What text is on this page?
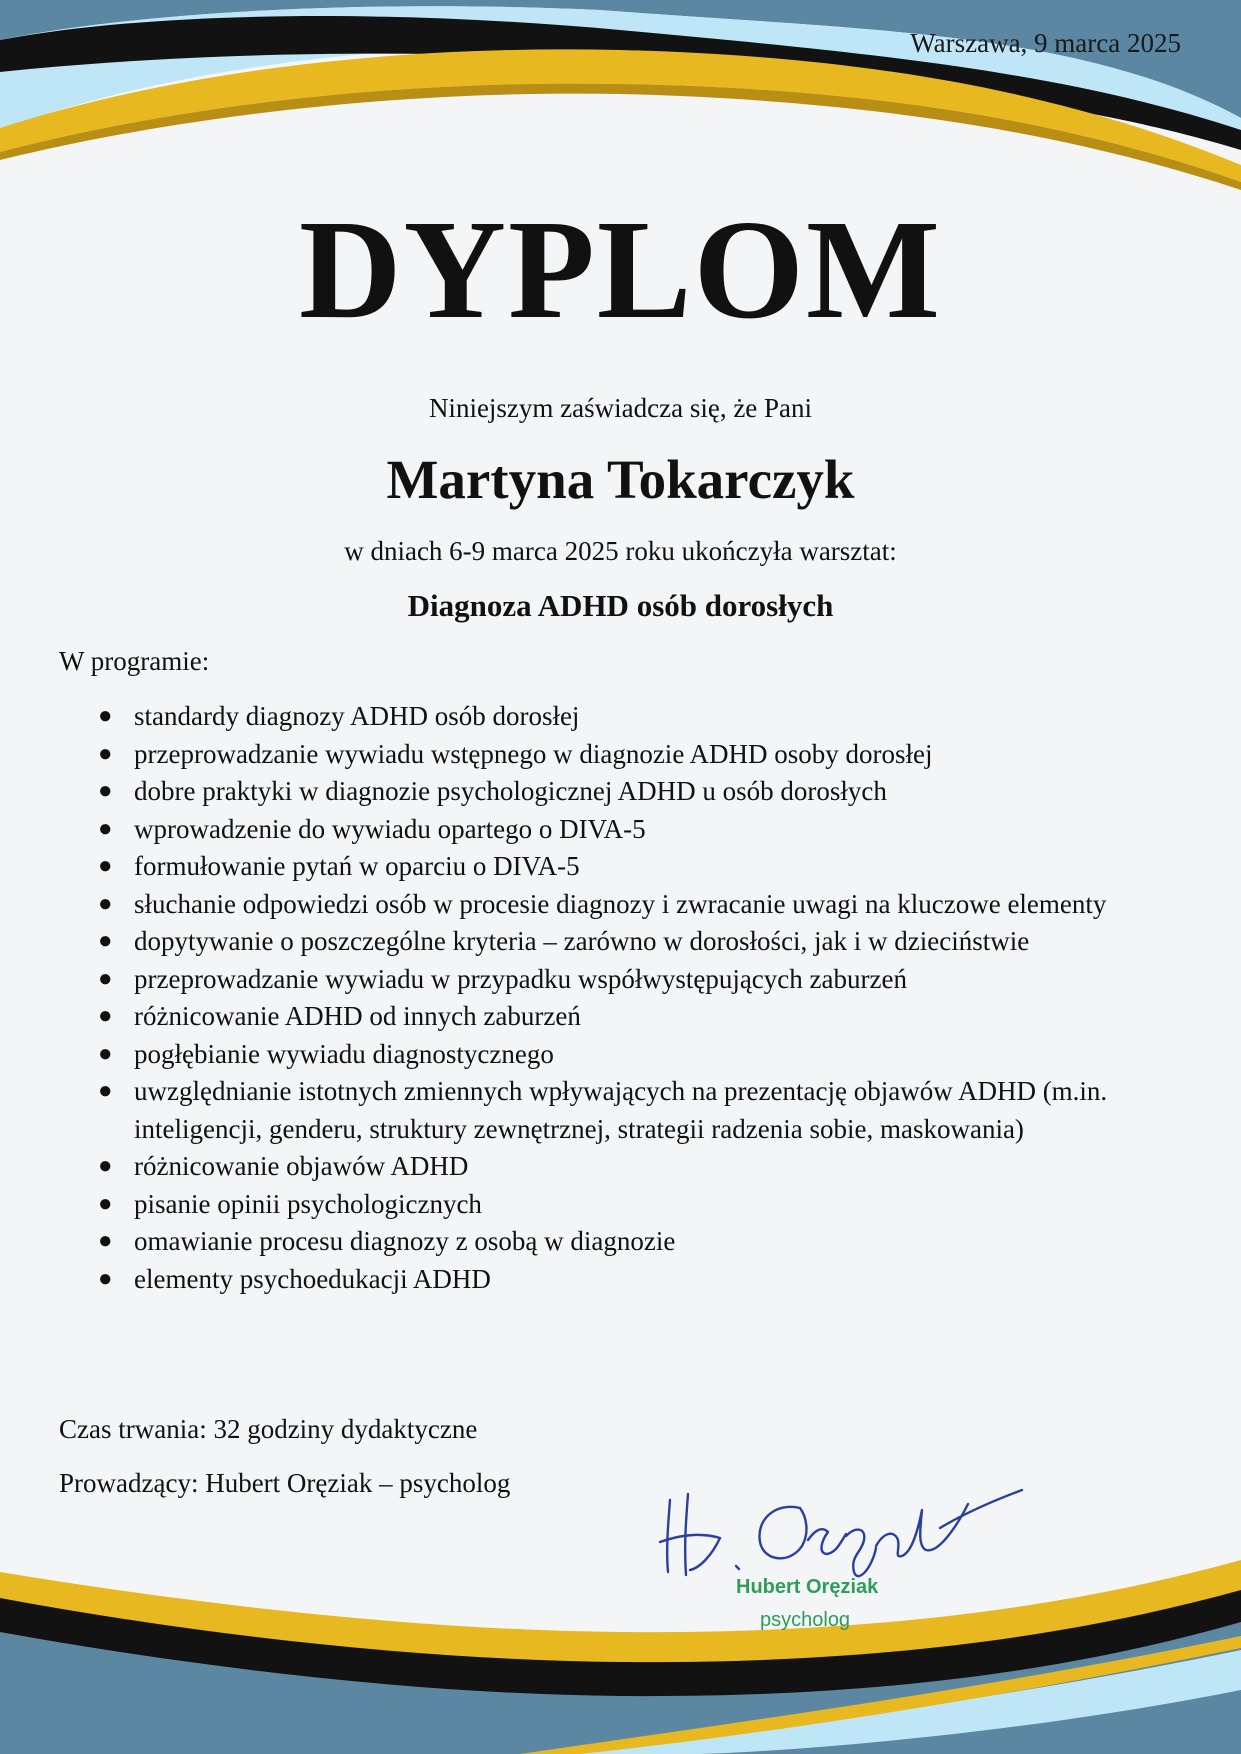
Warszawa, 9 marca 2025
DYPLOM
Niniejszym zaświadcza się, że Pani
Martyna Tokarczyk
w dniach 6-9 marca 2025 roku ukończyła warsztat:
Diagnoza ADHD osób dorosłych
W programie:
● standardy diagnozy ADHD osób dorosłej
● przeprowadzanie wywiadu wstępnego w diagnozie ADHD osoby dorosłej
● dobre praktyki w diagnozie psychologicznej ADHD u osób dorosłych
● wprowadzenie do wywiadu opartego o DIVA-5
● formułowanie pytań w oparciu o DIVA-5
● słuchanie odpowiedzi osób w procesie diagnozy i zwracanie uwagi na kluczowe elementy
● dopytywanie o poszczególne kryteria – zarówno w dorosłości, jak i w dzieciństwie
● przeprowadzanie wywiadu w przypadku współwystępujących zaburzeń
● różnicowanie ADHD od innych zaburzeń
● pogłębianie wywiadu diagnostycznego
● uwzględnianie istotnych zmiennych wpływających na prezentację objawów ADHD (m.in. inteligencji, genderu, struktury zewnętrznej, strategii radzenia sobie, maskowania)
● różnicowanie objawów ADHD
● pisanie opinii psychologicznych
● omawianie procesu diagnozy z osobą w diagnozie
● elementy psychoedukacji ADHD
Czas trwania: 32 godziny dydaktyczne
Prowadzący: Hubert Oręziak – psycholog
Hubert Oręziak
psycholog
